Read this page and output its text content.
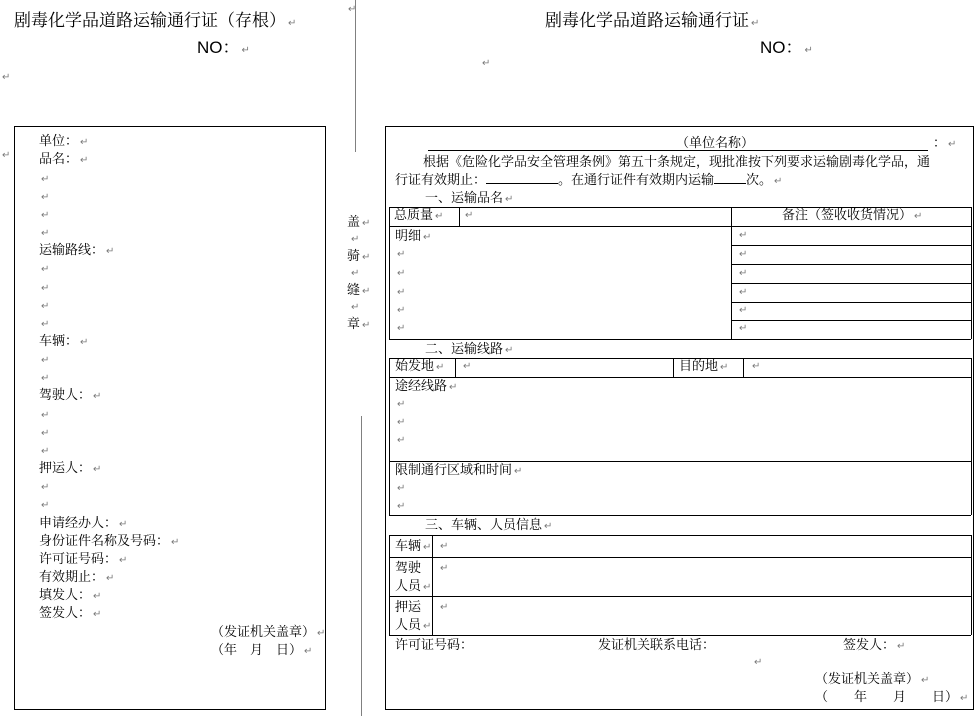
剧毒化学品道路运输通行证（存根） ↵
NO： ↵
↵
↵
↵
单位： ↵
品名： ↵
↵
↵
↵
↵
运输路线： ↵
↵
↵
↵
↵
车辆： ↵
↵
↵
驾驶人： ↵
↵
↵
↵
押运人： ↵
↵
↵
申请经办人： ↵
身份证件名称及号码： ↵
许可证号码： ↵
有效期止： ↵
填发人： ↵
签发人： ↵
（发证机关盖章） ↵
（年　月　日） ↵
盖 ↵
↵
骑 ↵
↵
缝 ↵
↵
章 ↵
剧毒化学品道路运输通行证 ↵
NO： ↵
↵
（单位名称）	： ↵
根据《危险化学品安全管理条例》第五十条规定，现批准按下列要求运输剧毒化学品，通
行证有效期止：	。在通行证件有效期内运输 次。 ↵
一、运输品名 ↵
总质量 ↵ ↵	备注（签收收货情况） ↵
明细 ↵
↵
↵
↵
↵
↵
↵
↵
↵
↵
↵
↵
二、运输线路 ↵
始发地 ↵ ↵	目的地 ↵ ↵
途经线路 ↵
↵
↵
↵
限制通行区域和时间 ↵
↵
↵
三、车辆、人员信息 ↵
车辆 ↵ ↵
驾驶
人员 ↵
↵
押运
人员 ↵
↵
许可证号码：	发证机关联系电话：	签发人： ↵
↵
（发证机关盖章） ↵
（　　年　　月　　日） ↵
